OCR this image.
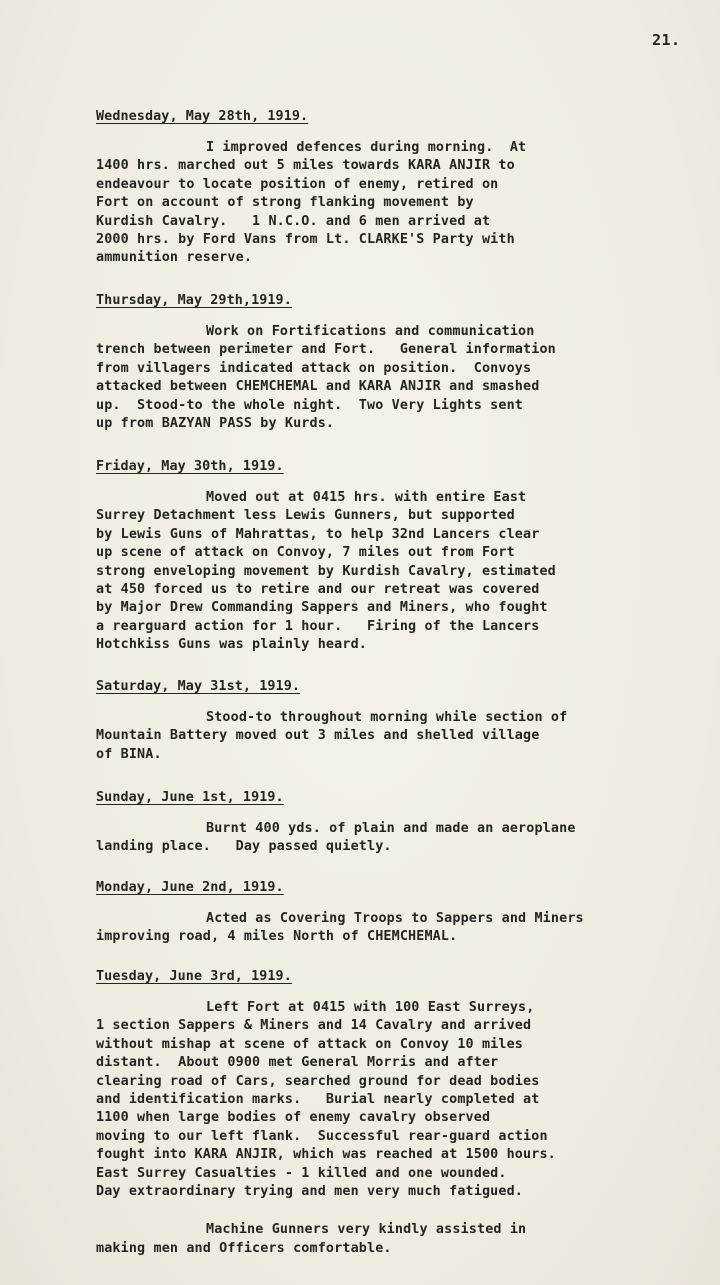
21.
Wednesday, May 28th, 1919.
I improved defences during morning.  At
1400 hrs. marched out 5 miles towards KARA ANJIR to
endeavour to locate position of enemy, retired on
Fort on account of strong flanking movement by
Kurdish Cavalry.   1 N.C.O. and 6 men arrived at
2000 hrs. by Ford Vans from Lt. CLARKE'S Party with
ammunition reserve.
Thursday, May 29th,1919.
Work on Fortifications and communication
trench between perimeter and Fort.   General information
from villagers indicated attack on position.  Convoys
attacked between CHEMCHEMAL and KARA ANJIR and smashed
up.  Stood-to the whole night.  Two Very Lights sent
up from BAZYAN PASS by Kurds.
Friday, May 30th, 1919.
Moved out at 0415 hrs. with entire East
Surrey Detachment less Lewis Gunners, but supported
by Lewis Guns of Mahrattas, to help 32nd Lancers clear
up scene of attack on Convoy, 7 miles out from Fort
strong enveloping movement by Kurdish Cavalry, estimated
at 450 forced us to retire and our retreat was covered
by Major Drew Commanding Sappers and Miners, who fought
a rearguard action for 1 hour.   Firing of the Lancers
Hotchkiss Guns was plainly heard.
Saturday, May 31st, 1919.
Stood-to throughout morning while section of
Mountain Battery moved out 3 miles and shelled village
of BINA.
Sunday, June 1st, 1919.
Burnt 400 yds. of plain and made an aeroplane
landing place.   Day passed quietly.
Monday, June 2nd, 1919.
Acted as Covering Troops to Sappers and Miners
improving road, 4 miles North of CHEMCHEMAL.
Tuesday, June 3rd, 1919.
Left Fort at 0415 with 100 East Surreys,
1 section Sappers & Miners and 14 Cavalry and arrived
without mishap at scene of attack on Convoy 10 miles
distant.  About 0900 met General Morris and after
clearing road of Cars, searched ground for dead bodies
and identification marks.   Burial nearly completed at
1100 when large bodies of enemy cavalry observed
moving to our left flank.  Successful rear-guard action
fought into KARA ANJIR, which was reached at 1500 hours.
East Surrey Casualties - 1 killed and one wounded.
Day extraordinary trying and men very much fatigued.
Machine Gunners very kindly assisted in
making men and Officers comfortable.
